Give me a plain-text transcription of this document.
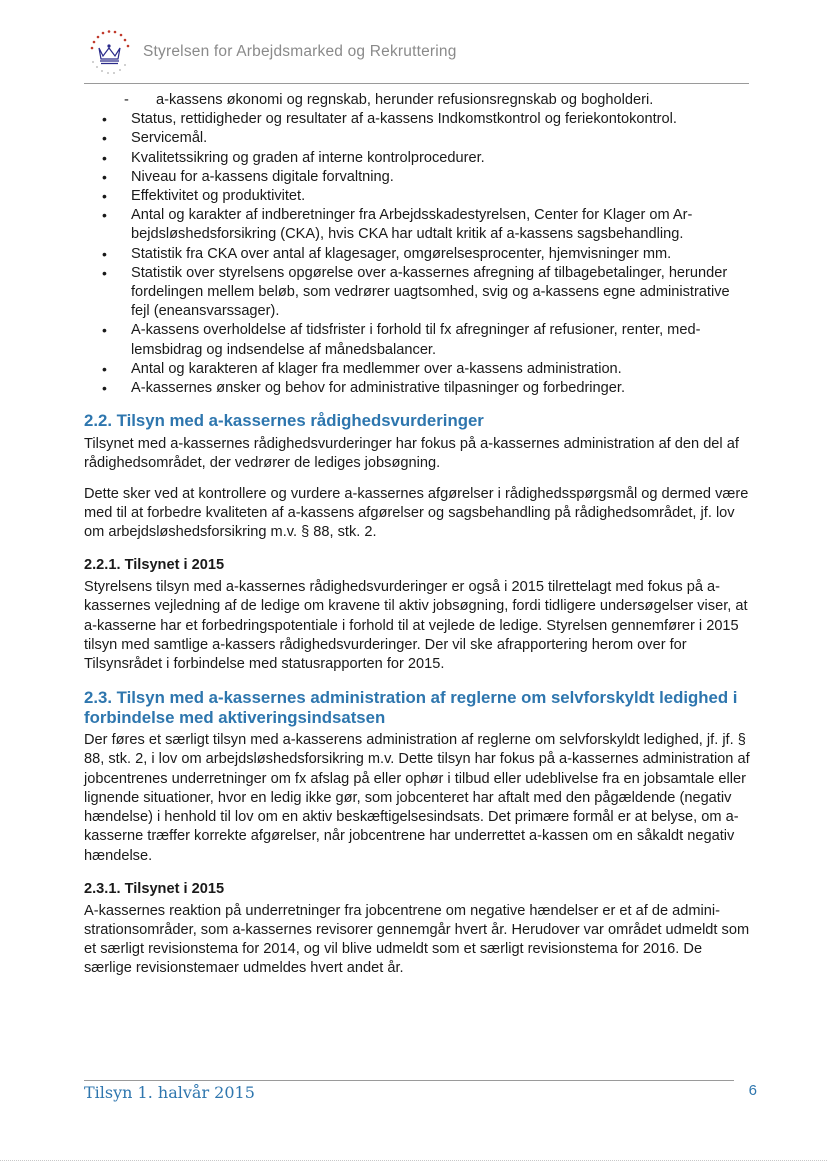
Styrelsen for Arbejdsmarked og Rekruttering

-
a-kassens økonomi og regnskab, herunder refusionsregnskab og bogholderi.

• Status, rettidigheder og resultater af a-kassens Indkomstkontrol og feriekontokontrol.
• Servicemål.
• Kvalitetssikring og graden af interne kontrolprocedurer.
• Niveau for a-kassens digitale forvaltning.
• Effektivitet og produktivitet.
• Antal og karakter af indberetninger fra Arbejdsskadestyrelsen, Center for Klager om Arbejdsløshedsforsikring (CKA), hvis CKA har udtalt kritik af a-kassens sagsbehandling.
• Statistik fra CKA over antal af klagesager, omgørelsesprocenter, hjemvisninger mm.
• Statistik over styrelsens opgørelse over a-kassernes afregning af tilbagebetalinger, herunder fordelingen mellem beløb, som vedrører uagtsomhed, svig og a-kassens egne administrative fejl (eneansvarssager).
• A-kassens overholdelse af tidsfrister i forhold til fx afregninger af refusioner, renter, medlemsbidrag og indsendelse af månedsbalancer.
• Antal og karakteren af klager fra medlemmer over a-kassens administration.
• A-kassernes ønsker og behov for administrative tilpasninger og forbedringer.
2.2. Tilsyn med a-kassernes rådighedsvurderinger

Tilsynet med a-kassernes rådighedsvurderinger har fokus på a-kassernes administration af den del af rådighedsområdet, der vedrører de lediges jobsøgning.

Dette sker ved at kontrollere og vurdere a-kassernes afgørelser i rådighedsspørgsmål og dermed være med til at forbedre kvaliteten af a-kassens afgørelser og sagsbehandling på rådighedsområdet, jf. lov om arbejdsløshedsforsikring m.v. § 88, stk. 2.

2.2.1. Tilsynet i 2015

Styrelsens tilsyn med a-kassernes rådighedsvurderinger er også i 2015 tilrettelagt med fokus på a-kassernes vejledning af de ledige om kravene til aktiv jobsøgning, fordi tidligere undersøgelser viser, at a-kasserne har et forbedringspotentiale i forhold til at vejlede de ledige. Styrelsen gennemfører i 2015 tilsyn med samtlige a-kassers rådighedsvurderinger. Der vil ske afrapportering herom over for Tilsynsrådet i forbindelse med statusrapporten for 2015.

2.3. Tilsyn med a-kassernes administration af reglerne om selvforskyldt ledighed i forbindelse med aktiveringsindsatsen

Der føres et særligt tilsyn med a-kasserens administration af reglerne om selvforskyldt ledighed, jf. jf. § 88, stk. 2, i lov om arbejdsløshedsforsikring m.v. Dette tilsyn har fokus på a-kassernes administration af jobcentrenes underretninger om fx afslag på eller ophør i tilbud eller udeblivelse fra en jobsamtale eller lignende situationer, hvor en ledig ikke gør, som jobcenteret har aftalt med den pågældende (negativ hændelse) i henhold til lov om en aktiv beskæftigelsesindsats. Det primære formål er at belyse, om a-kasserne træffer korrekte afgørelser, når jobcentrene har underrettet a-kassen om en såkaldt negativ hændelse.

2.3.1. Tilsynet i 2015

A-kassernes reaktion på underretninger fra jobcentrene om negative hændelser er et af de administrationsområder, som a-kassernes revisorer gennemgår hvert år. Herudover var området udmeldt som et særligt revisionstema for 2014, og vil blive udmeldt som et særligt revisionstema for 2016. De særlige revisionstemaer udmeldes hvert andet år.

Tilsyn 1. halvår 2015	6
